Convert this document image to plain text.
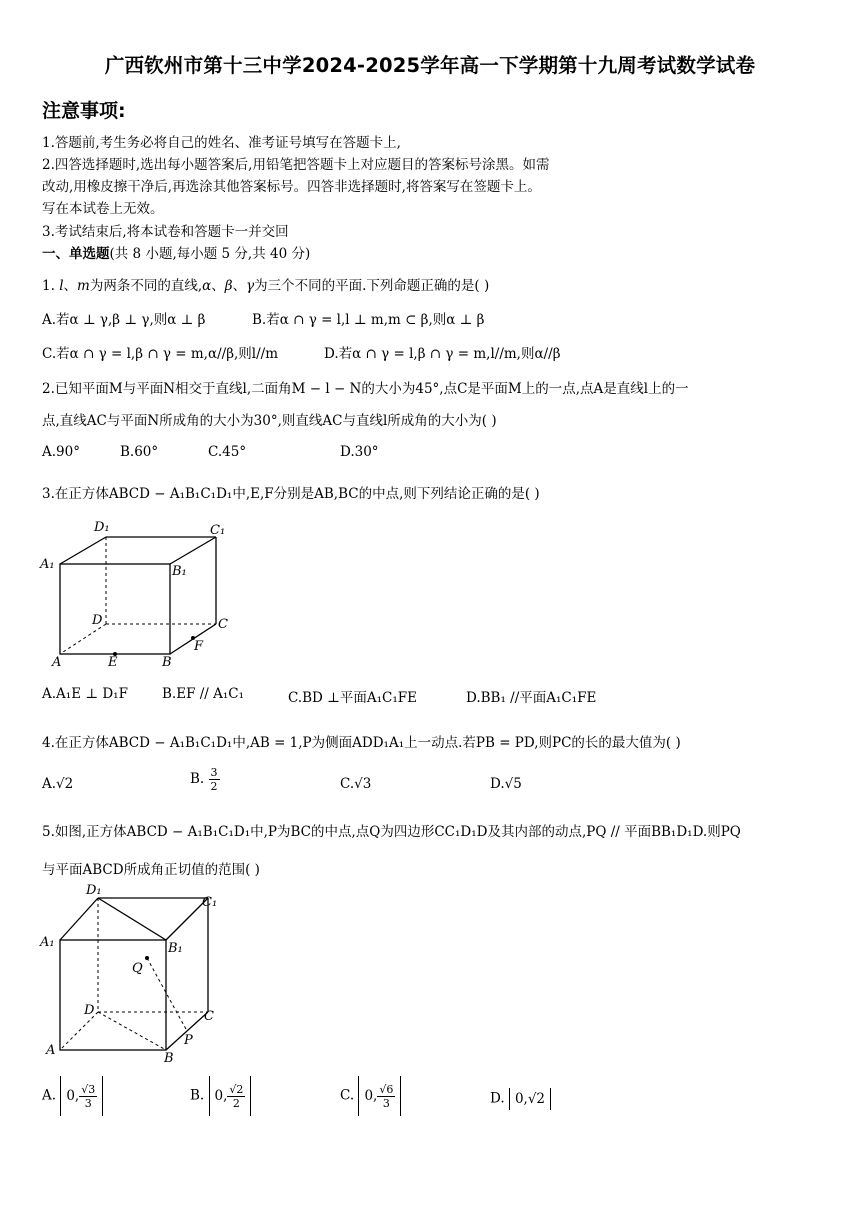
广西钦州市第十三中学2024-2025学年高一下学期第十九周考试数学试卷
注意事项:
1.答题前,考生务必将自己的姓名、准考证号填写在答题卡上,
2.四答选择题时,选出每小题答案后,用铅笔把答题卡上对应题目的答案标号涂黑。如需
改动,用橡皮擦干净后,再选涂其他答案标号。四答非选择题时,将答案写在签题卡上。
写在本试卷上无效。
3.考试结束后,将本试卷和答题卡一并交回
一、单选题(共 8 小题,每小题 5 分,共 40 分)
1. l、m为两条不同的直线,α、β、γ为三个不同的平面.下列命题正确的是( )
A.若α ⊥ γ,β ⊥ γ,则α ⊥ β	B.若α ∩ γ = l,l ⊥ m,m ⊂ β,则α ⊥ β
C.若α ∩ γ = l,β ∩ γ = m,α//β,则l//m	D.若α ∩ γ = l,β ∩ γ = m,l//m,则α//β
2.已知平面M与平面N相交于直线l,二面角M − l − N的大小为45°,点C是平面M上的一点,点A是直线l上的一
点,直线AC与平面N所成角的大小为30°,则直线AC与直线l所成角的大小为( )
A.90°	B.60°	C.45°	D.30°
3.在正方体ABCD − A₁B₁C₁D₁中,E,F分别是AB,BC的中点,则下列结论正确的是( )
D₁	C₁
A₁	B₁
D	C
A	E	B
F
A.A₁E ⊥ D₁F	B.EF // A₁C₁	C.BD ⊥平面A₁C₁FE	D.BB₁ //平面A₁C₁FE
4.在正方体ABCD − A₁B₁C₁D₁中,AB = 1,P为侧面ADD₁A₁上一动点.若PB = PD,则PC的长的最大值为( )
A.√2	B. $\frac{3}{2}$	C.√3	D.√5
5.如图,正方体ABCD − A₁B₁C₁D₁中,P为BC的中点,点Q为四边形CC₁D₁D及其内部的动点,PQ // 平面BB₁D₁D.则PQ
与平面ABCD所成角正切值的范围( )
D₁
C₁
A₁	B₁
Q
D	C
P
A
B
A. 0, $\frac{√3}{3}$	B. 0, $\frac{√2}{2}$	C. 0, $\frac{√6}{3}$	D. 0,√2
